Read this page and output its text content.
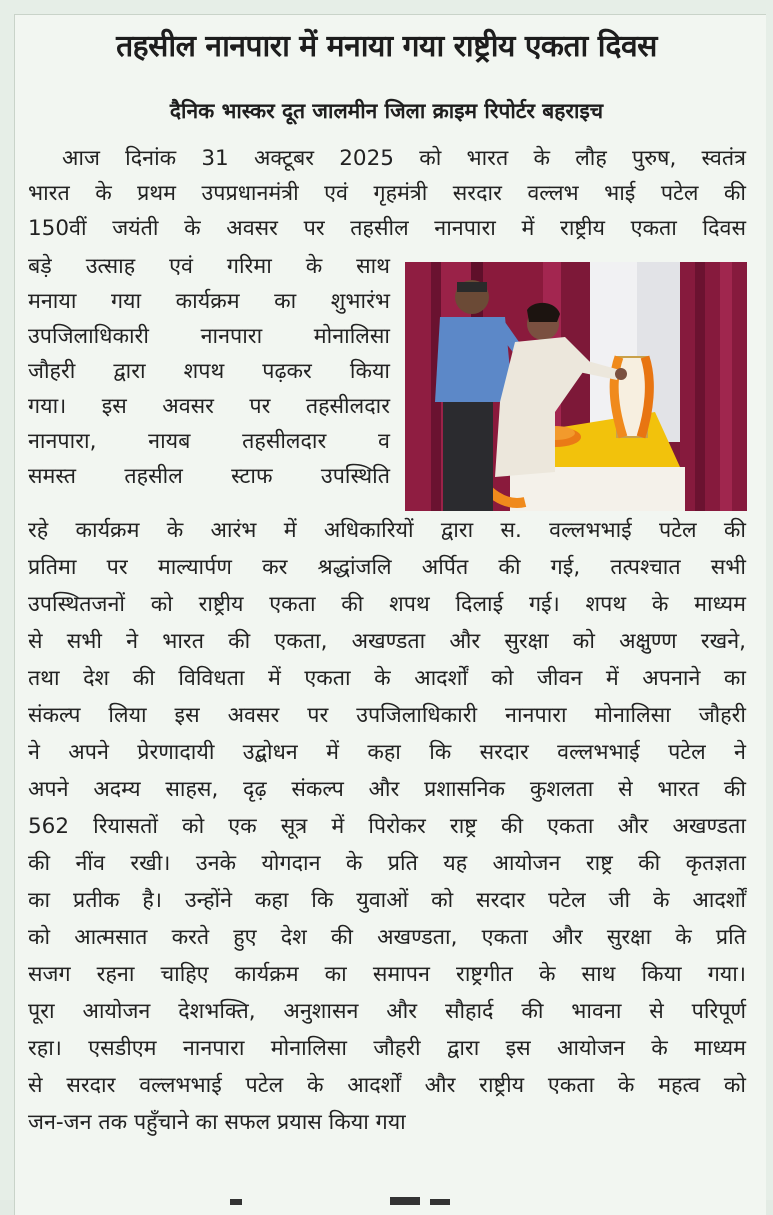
तहसील नानपारा में मनाया गया राष्ट्रीय एकता दिवस
दैनिक भास्कर दूत जालमीन जिला क्राइम रिपोर्टर बहराइच
आज दिनांक 31 अक्टूबर 2025 को भारत के लौह पुरुष, स्वतंत्र
भारत के प्रथम उपप्रधानमंत्री एवं गृहमंत्री सरदार वल्लभ भाई पटेल की
150वीं जयंती के अवसर पर तहसील नानपारा में राष्ट्रीय एकता दिवस
बड़े उत्साह एवं गरिमा के साथ
मनाया गया कार्यक्रम का शुभारंभ
उपजिलाधिकारी नानपारा मोनालिसा
जौहरी द्वारा शपथ पढ़कर किया
गया। इस अवसर पर तहसीलदार
नानपारा, नायब तहसीलदार व
समस्त तहसील स्टाफ उपस्थिति
रहे कार्यक्रम के आरंभ में अधिकारियों द्वारा स. वल्लभभाई पटेल की
प्रतिमा पर माल्यार्पण कर श्रद्धांजलि अर्पित की गई, तत्पश्चात सभी
उपस्थितजनों को राष्ट्रीय एकता की शपथ दिलाई गई। शपथ के माध्यम
से सभी ने भारत की एकता, अखण्डता और सुरक्षा को अक्षुण्ण रखने,
तथा देश की विविधता में एकता के आदर्शों को जीवन में अपनाने का
संकल्प लिया इस अवसर पर उपजिलाधिकारी नानपारा मोनालिसा जौहरी
ने अपने प्रेरणादायी उद्बोधन में कहा कि सरदार वल्लभभाई पटेल ने
अपने अदम्य साहस, दृढ़ संकल्प और प्रशासनिक कुशलता से भारत की
562 रियासतों को एक सूत्र में पिरोकर राष्ट्र की एकता और अखण्डता
की नींव रखी। उनके योगदान के प्रति यह आयोजन राष्ट्र की कृतज्ञता
का प्रतीक है। उन्होंने कहा कि युवाओं को सरदार पटेल जी के आदर्शों
को आत्मसात करते हुए देश की अखण्डता, एकता और सुरक्षा के प्रति
सजग रहना चाहिए कार्यक्रम का समापन राष्ट्रगीत के साथ किया गया।
पूरा आयोजन देशभक्ति, अनुशासन और सौहार्द की भावना से परिपूर्ण
रहा। एसडीएम नानपारा मोनालिसा जौहरी द्वारा इस आयोजन के माध्यम
से सरदार वल्लभभाई पटेल के आदर्शों और राष्ट्रीय एकता के महत्व को
जन-जन तक पहुँचाने का सफल प्रयास किया गया
